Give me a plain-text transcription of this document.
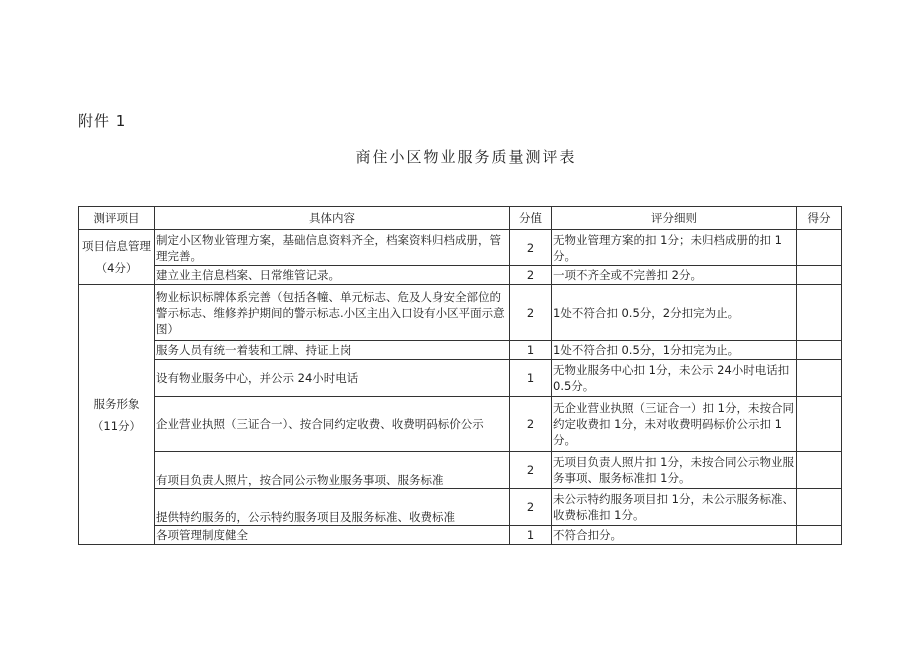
附件 1
商住小区物业服务质量测评表
测评项目	具体内容	分值	评分细则	得分

项目信息管理
（4分）	制定小区物业管理方案，基础信息资料齐全，档案资料归档成册，管理完善。	2	无物业管理方案的扣 1分；未归档成册的扣 1分。	
	建立业主信息档案、日常维管记录。	2	一项不齐全或不完善扣 2分。	

服务形象
（11分）	物业标识标牌体系完善（包括各幢、单元标志、危及人身安全部位的警示标志、维修养护期间的警示标志.小区主出入口设有小区平面示意图）	2	1处不符合扣 0.5分，2分扣完为止。	
	服务人员有统一着装和工牌、持证上岗	1	1处不符合扣 0.5分，1分扣完为止。	
	设有物业服务中心，并公示 24小时电话	1	无物业服务中心扣 1分，未公示 24小时电话扣 0.5分。	
	企业营业执照（三证合一）、按合同约定收费、收费明码标价公示	2	无企业营业执照（三证合一）扣 1分，未按合同约定收费扣 1分，未对收费明码标价公示扣 1分。	
	有项目负责人照片，按合同公示物业服务事项、服务标准	2	无项目负责人照片扣 1分，未按合同公示物业服务事项、服务标准扣 1分。	
	提供特约服务的，公示特约服务项目及服务标准、收费标准	2	未公示特约服务项目扣 1分，未公示服务标准、收费标准扣 1分。	
	各项管理制度健全	1	不符合扣分。	
